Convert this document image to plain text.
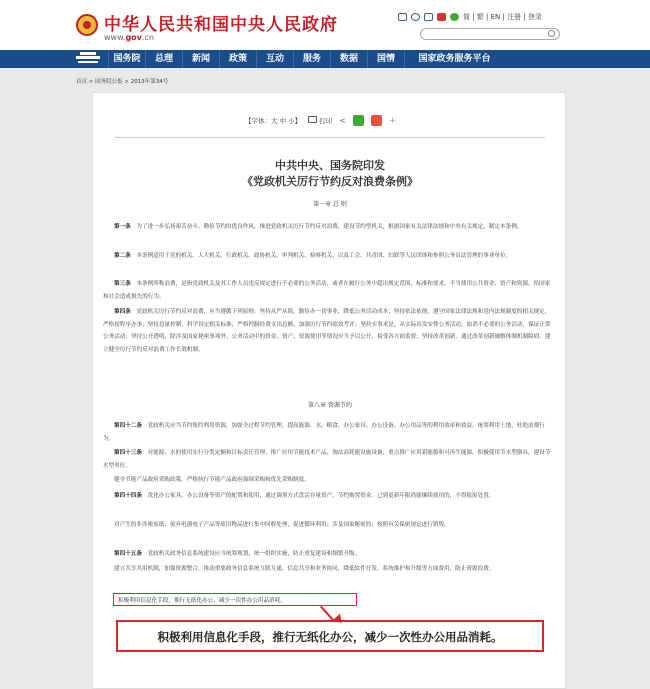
中华人民共和国中央人民政府
www.gov.cn
简 | 繁 | EN | 注册 | 登录
国务院	总理	新闻	政策	互动	服务	数据	国情	国家政务服务平台
首页 > 国务院公报 > 2013年第34号
【字体：大 中 小】	打印 <	+
中共中央、国务院印发
《党政机关厉行节约反对浪费条例》
第一章 总 则
第一条　 为了进一步弘扬艰苦奋斗、勤俭节约的优良作风，推进党政机关厉行节约反对浪费，建设节约型机关，根据国家有关法律法规和中央有关规定，制定本条例。
第二条　 本条例适用于党的机关、人大机关、行政机关、政协机关、审判机关、检察机关，以及工会、共青团、妇联等人民团体和参照公务员法管理的事业单位。
第三条　 本条例所称浪费，是指党政机关及其工作人员违反规定进行不必要的公务活动，或者在履行公务中超出规定范围、标准和要求，不当使用公共资金、资产和资源，给国家和社会造成损失的行为。
第四条　 党政机关厉行节约反对浪费，应当遵循下列原则：坚持从严从简，勤俭办一切事业，降低公务活动成本；坚持依法依规，遵守国家法律法规和党内法规制度的相关规定，严格按程序办事；坚持总量控制，科学设定相关标准，严格控制经费支出总额，加强厉行节约绩效考评；坚持实事求是，从实际出发安排公务活动，取消不必要的公务活动，保证正常公务活动；坚持公开透明，除涉及国家秘密事项外，公务活动中的资金、资产、资源使用等情况应当予以公开，接受各方面监督；坚持改革创新，通过改革创新破解体制机制障碍，建立健全厉行节约反对浪费工作长效机制。
第八章 资源节约
第四十二条　 党政机关应当节约集约利用资源，加强全过程节约管理，提高能源、水、粮食、办公家具、办公设备、办公用品等的利用效率和效益，统筹利用土地，杜绝浪费行为。
第四十三条　 对能源、水的使用实行分类定额和目标责任管理。推广应用节能技术产品，淘汰高耗能设施设备，重点推广应用新能源和可再生能源，积极使用节水型器具，建设节水型单位。
健全节能产品政府采购政策，严格执行节能产品政府强制采购和优先采购制度。
第四十四条　 优化办公家具、办公设备等资产的配置和使用，通过调剂方式盘活存量资产，节约购置资金。已到更新年限尚能继续使用的，不得报废处置。
对产生的非涉密废纸、废弃电器电子产品等废旧物品进行集中回收处理，促进循环利用；涉及国家秘密的，按照有关保密规定进行销毁。
第四十五条　 党政机关政务信息系统建设应当统筹规划，统一组织实施，防止重复建设和频繁升级。
建立共享共用机制，加强资源整合，推动重要政务信息系统互联互通、信息共享和业务协同，降低软件开发、系统维护和升级等方面费用，防止资源浪费。
积极利用信息化手段，推行无纸化办公，减少一次性办公用品消耗。
积极利用信息化手段，推行无纸化办公，减少一次性办公用品消耗。
